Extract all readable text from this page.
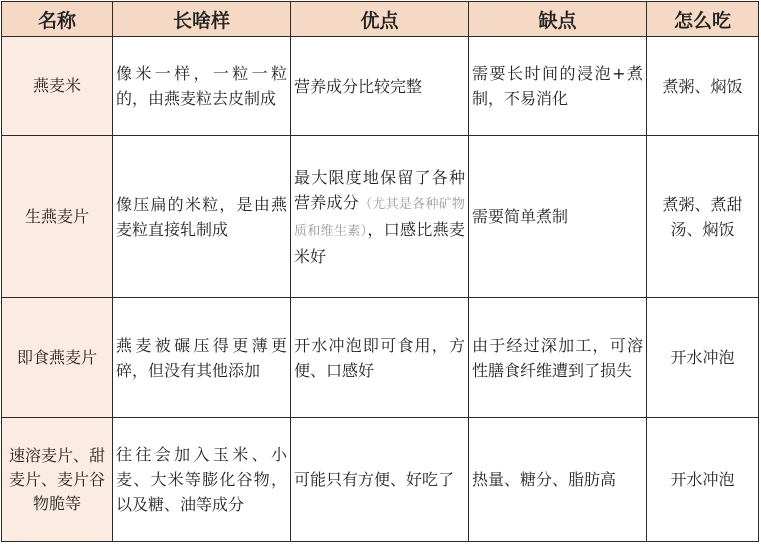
名称	长啥样	优点	缺点	怎么吃
燕麦米	像米一样，一粒一粒的，由燕麦粒去皮制成	营养成分比较完整	需要长时间的浸泡+煮制，不易消化	煮粥、焖饭
生燕麦片	像压扁的米粒，是由燕麦粒直接轧制成	最大限度地保留了各种营养成分（尤其是各种矿物质和维生素），口感比燕麦米好	需要简单煮制	煮粥、煮甜汤、焖饭
即食燕麦片	燕麦被碾压得更薄更碎，但没有其他添加	开水冲泡即可食用，方便、口感好	由于经过深加工，可溶性膳食纤维遭到了损失	开水冲泡
速溶麦片、甜麦片、麦片谷物脆等	往往会加入玉米、小麦、大米等膨化谷物，以及糖、油等成分	可能只有方便、好吃了	热量、糖分、脂肪高	开水冲泡
